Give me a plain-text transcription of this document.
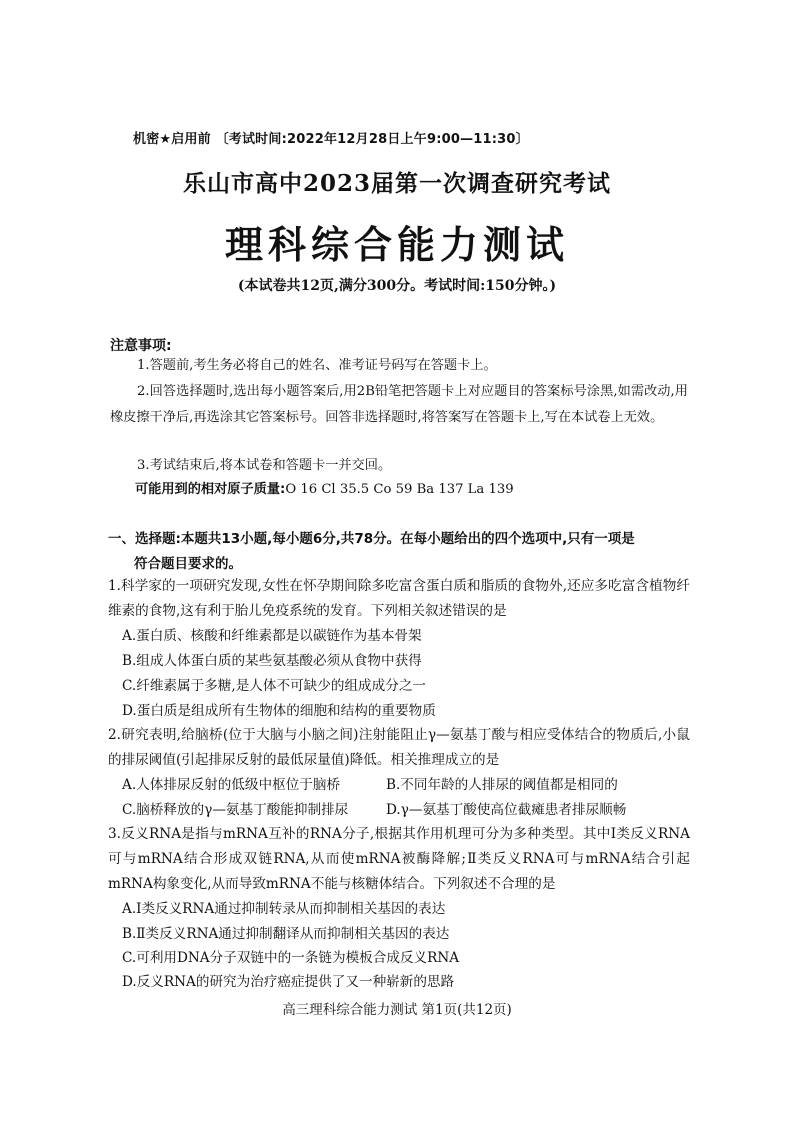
机密★启用前 〔考试时间:2022年12月28日上午9:00—11:30〕
乐山市高中2023届第一次调查研究考试
理科综合能力测试
(本试卷共12页,满分300分。考试时间:150分钟。)
注意事项:
1.答题前,考生务必将自己的姓名、准考证号码写在答题卡上。
2.回答选择题时,选出每小题答案后,用2B铅笔把答题卡上对应题目的答案标号涂黑,如需改动,用橡皮擦干净后,再选涂其它答案标号。回答非选择题时,将答案写在答题卡上,写在本试卷上无效。
3.考试结束后,将本试卷和答题卡一并交回。
可能用到的相对原子质量:O 16 Cl 35.5 Co 59 Ba 137 La 139
一、选择题:本题共13小题,每小题6分,共78分。在每小题给出的四个选项中,只有一项是
符合题目要求的。
1.科学家的一项研究发现,女性在怀孕期间除多吃富含蛋白质和脂质的食物外,还应多吃富含植物纤维素的食物,这有利于胎儿免疫系统的发育。下列相关叙述错误的是
A.蛋白质、核酸和纤维素都是以碳链作为基本骨架
B.组成人体蛋白质的某些氨基酸必须从食物中获得
C.纤维素属于多糖,是人体不可缺少的组成成分之一
D.蛋白质是组成所有生物体的细胞和结构的重要物质
2.研究表明,给脑桥(位于大脑与小脑之间)注射能阻止γ—氨基丁酸与相应受体结合的物质后,小鼠的排尿阈值(引起排尿反射的最低尿量值)降低。相关推理成立的是
A.人体排尿反射的低级中枢位于脑桥	B.不同年龄的人排尿的阈值都是相同的
C.脑桥释放的γ—氨基丁酸能抑制排尿	D.γ—氨基丁酸使高位截瘫患者排尿顺畅
3.反义RNA是指与mRNA互补的RNA分子,根据其作用机理可分为多种类型。其中Ⅰ类反义RNA可与mRNA结合形成双链RNA,从而使mRNA被酶降解;Ⅱ类反义RNA可与mRNA结合引起mRNA构象变化,从而导致mRNA不能与核糖体结合。下列叙述不合理的是
A.Ⅰ类反义RNA通过抑制转录从而抑制相关基因的表达
B.Ⅱ类反义RNA通过抑制翻译从而抑制相关基因的表达
C.可利用DNA分子双链中的一条链为模板合成反义RNA
D.反义RNA的研究为治疗癌症提供了又一种崭新的思路
高三理科综合能力测试 第1页(共12页)
